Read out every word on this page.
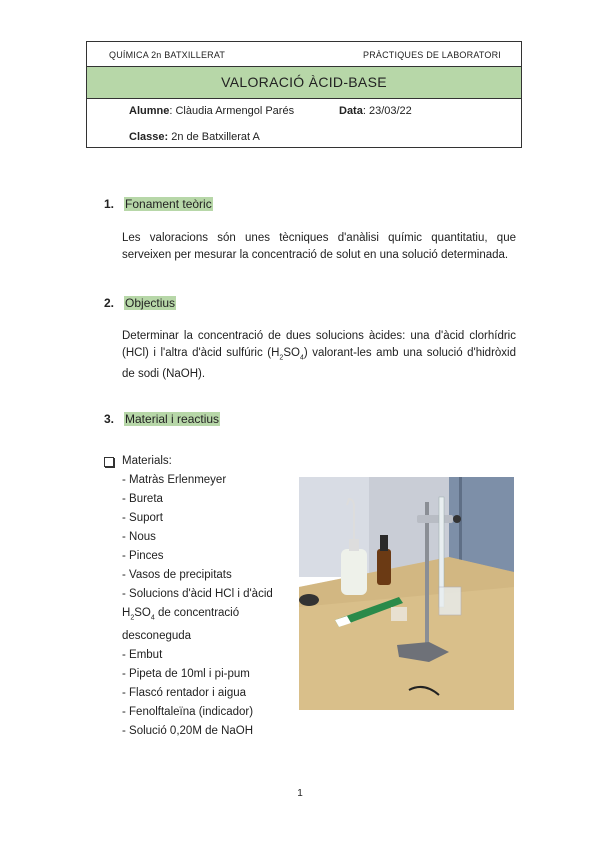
QUÍMICA 2n BATXILLERAT	PRÀCTIQUES DE LABORATORI
VALORACIÓ ÀCID-BASE
Alumne: Clàudia Armengol Parés	Data: 23/03/22
Classe: 2n de Batxillerat A
1. Fonament teòric
Les valoracions són unes tècniques d'anàlisi químic quantitatiu, que serveixen per mesurar la concentració de solut en una solució determinada.
2. Objectius
Determinar la concentració de dues solucions àcides: una d'àcid clorhídric (HCl) i l'altra d'àcid sulfúric $(H_2SO_4)$ valorant-les amb una solució d'hidròxid de sodi (NaOH).
3. Material i reactius
Materials:
- Matràs Erlenmeyer
- Bureta
- Suport
- Nous
- Pinces
- Vasos de precipitats
- Solucions d'àcid HCl i d'àcid
$H_2SO_4$ de concentració
desconeguda
- Embut
- Pipeta de 10ml i pi-pum
- Flascó rentador i aigua
- Fenolftaleïna (indicador)
- Solució 0,20M de NaOH
1
